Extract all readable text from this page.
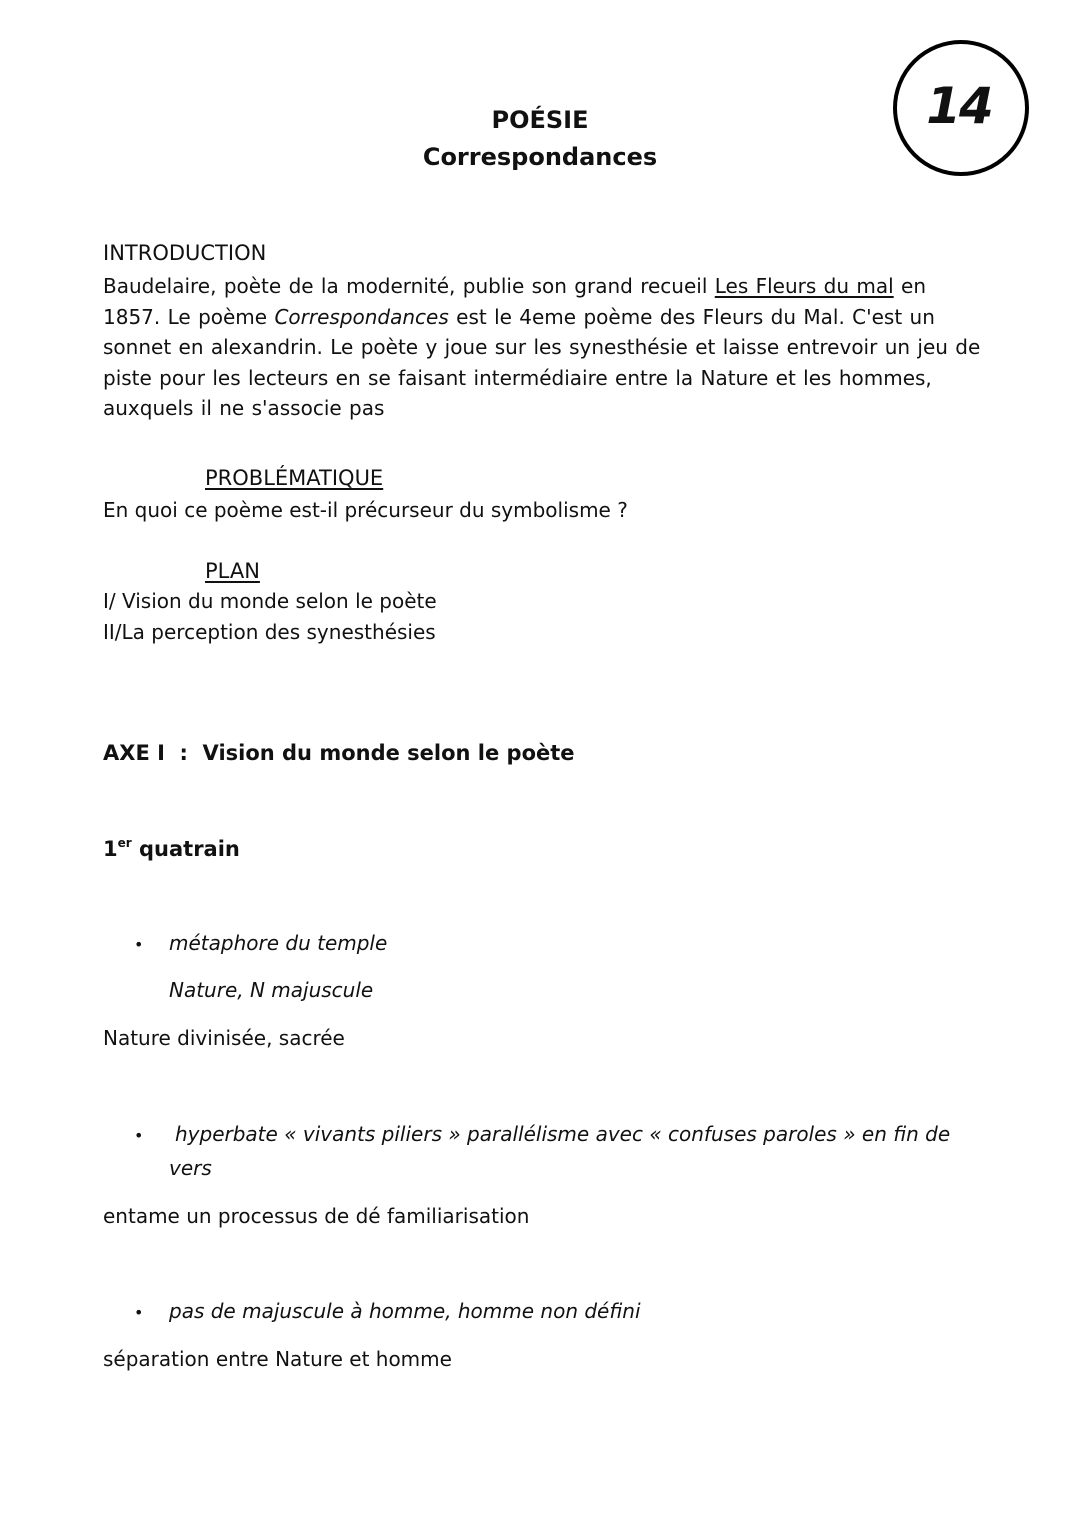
POÉSIE
Correspondances
14
INTRODUCTION
Baudelaire, poète de la modernité, publie son grand recueil Les Fleurs du mal en 1857. Le poème Correspondances est le 4eme poème des Fleurs du Mal. C'est un sonnet en alexandrin. Le poète y joue sur les synesthésie et laisse entrevoir un jeu de piste pour les lecteurs en se faisant intermédiaire entre la Nature et les hommes, auxquels il ne s'associe pas
PROBLÉMATIQUE
En quoi ce poème est-il précurseur du symbolisme ?
PLAN
I/ Vision du monde selon le poète
II/La perception des synesthésies
AXE I  :  Vision du monde selon le poète
1er quatrain
• métaphore du temple
Nature, N majuscule
Nature divinisée, sacrée
• hyperbate « vivants piliers » parallélisme avec « confuses paroles » en fin de
vers
entame un processus de dé familiarisation
• pas de majuscule à homme, homme non défini
séparation entre Nature et homme
